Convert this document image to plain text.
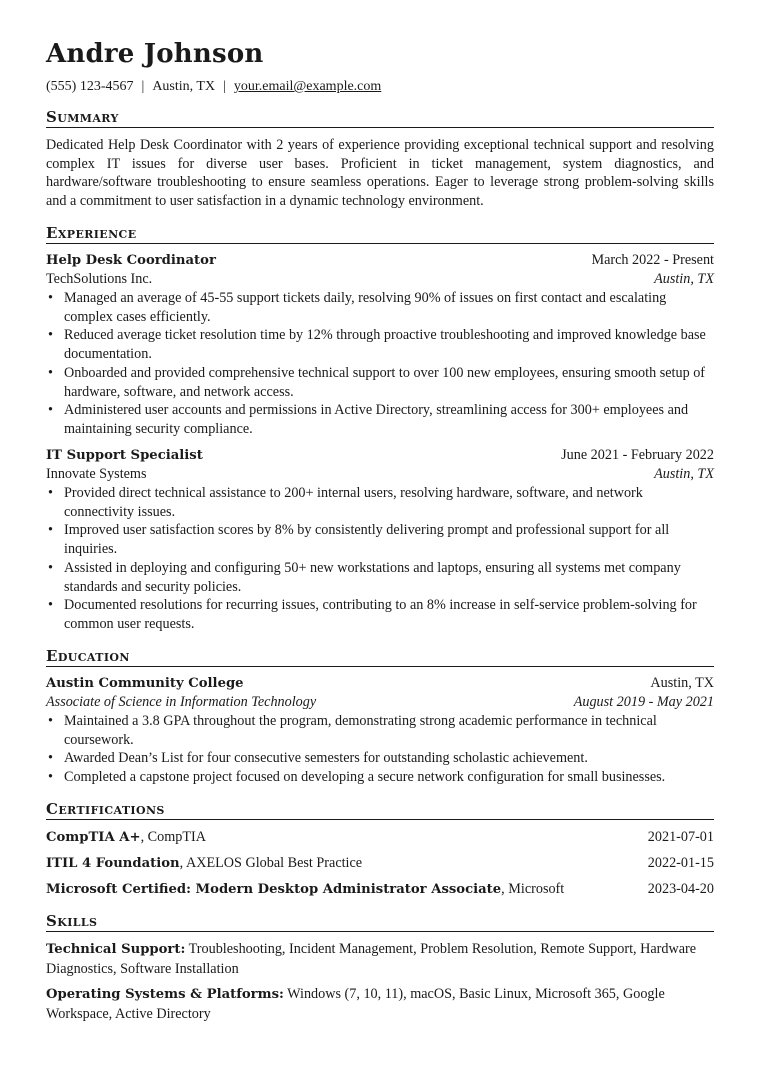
Andre Johnson
(555) 123-4567 | Austin, TX | your.email@example.com
Summary
Dedicated Help Desk Coordinator with 2 years of experience providing exceptional technical support and resolving complex IT issues for diverse user bases. Proficient in ticket management, system diagnostics, and hardware/software troubleshooting to ensure seamless operations. Eager to leverage strong problem-solving skills and a commitment to user satisfaction in a dynamic technology environment.
Experience
Help Desk Coordinator	March 2022 - Present
TechSolutions Inc.	Austin, TX
• Managed an average of 45-55 support tickets daily, resolving 90% of issues on first contact and escalating complex cases efficiently.
• Reduced average ticket resolution time by 12% through proactive troubleshooting and improved knowledge base documentation.
• Onboarded and provided comprehensive technical support to over 100 new employees, ensuring smooth setup of hardware, software, and network access.
• Administered user accounts and permissions in Active Directory, streamlining access for 300+ employees and maintaining security compliance.
IT Support Specialist	June 2021 - February 2022
Innovate Systems	Austin, TX
• Provided direct technical assistance to 200+ internal users, resolving hardware, software, and network connectivity issues.
• Improved user satisfaction scores by 8% by consistently delivering prompt and professional support for all inquiries.
• Assisted in deploying and configuring 50+ new workstations and laptops, ensuring all systems met company standards and security policies.
• Documented resolutions for recurring issues, contributing to an 8% increase in self-service problem-solving for common user requests.
Education
Austin Community College	Austin, TX
Associate of Science in Information Technology	August 2019 - May 2021
• Maintained a 3.8 GPA throughout the program, demonstrating strong academic performance in technical coursework.
• Awarded Dean’s List for four consecutive semesters for outstanding scholastic achievement.
• Completed a capstone project focused on developing a secure network configuration for small businesses.
Certifications
CompTIA A+, CompTIA	2021-07-01
ITIL 4 Foundation, AXELOS Global Best Practice	2022-01-15
Microsoft Certified: Modern Desktop Administrator Associate, Microsoft	2023-04-20
Skills
Technical Support: Troubleshooting, Incident Management, Problem Resolution, Remote Support, Hardware Diagnostics, Software Installation
Operating Systems & Platforms: Windows (7, 10, 11), macOS, Basic Linux, Microsoft 365, Google Workspace, Active Directory
